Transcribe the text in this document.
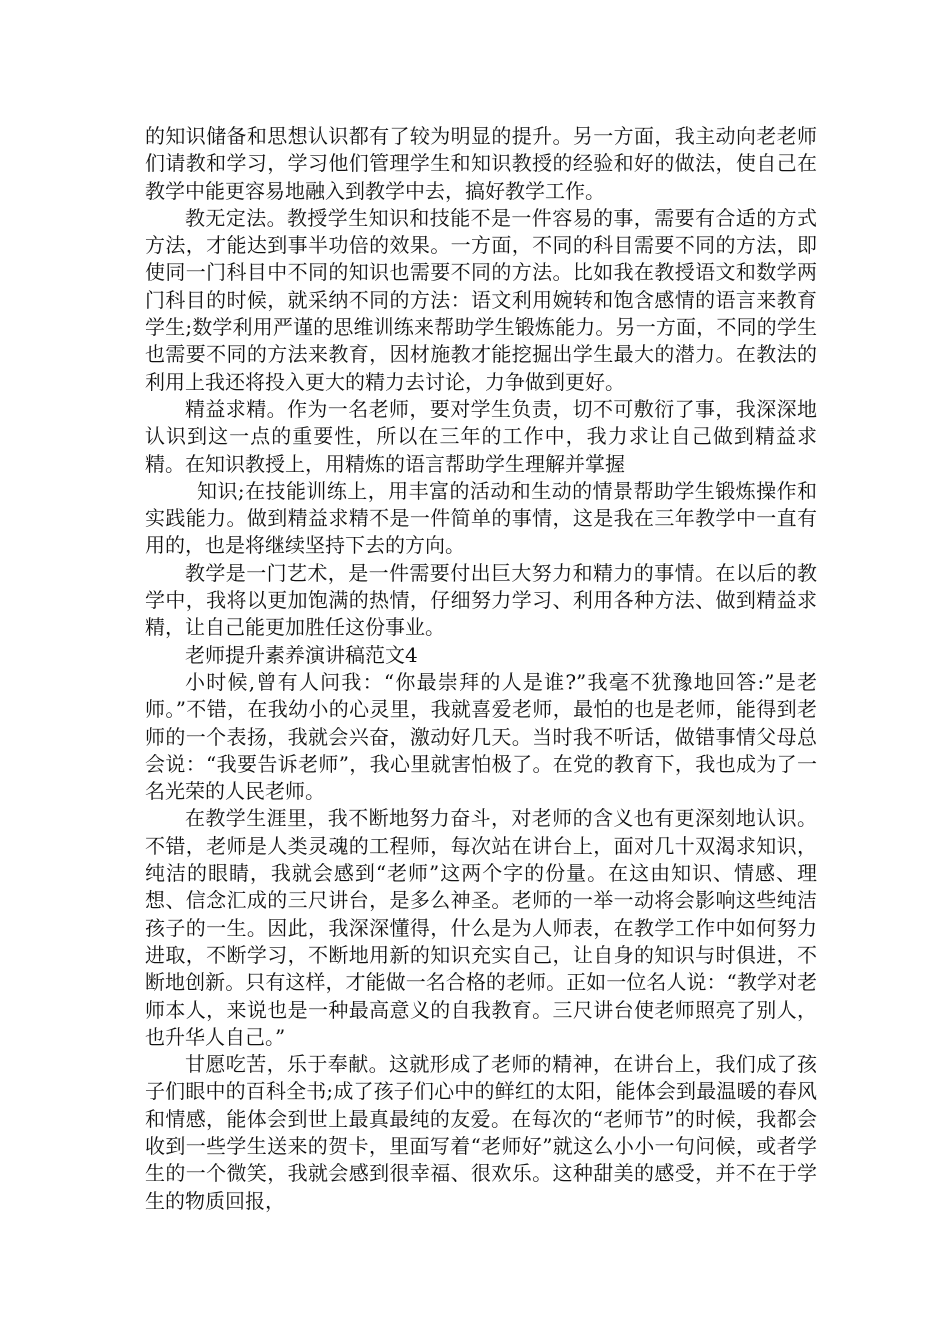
的知识储备和思想认识都有了较为明显的提升。另一方面，我主动向老老师们请教和学习，学习他们管理学生和知识教授的经验和好的做法，使自己在教学中能更容易地融入到教学中去，搞好教学工作。

教无定法。教授学生知识和技能不是一件容易的事，需要有合适的方式方法，才能达到事半功倍的效果。一方面，不同的科目需要不同的方法，即使同一门科目中不同的知识也需要不同的方法。比如我在教授语文和数学两门科目的时候，就采纳不同的方法：语文利用婉转和饱含感情的语言来教育学生;数学利用严谨的思维训练来帮助学生锻炼能力。另一方面，不同的学生也需要不同的方法来教育，因材施教才能挖掘出学生最大的潜力。在教法的利用上我还将投入更大的精力去讨论，力争做到更好。

精益求精。作为一名老师，要对学生负责，切不可敷衍了事，我深深地认识到这一点的重要性，所以在三年的工作中，我力求让自己做到精益求精。在知识教授上，用精炼的语言帮助学生理解并掌握

知识;在技能训练上，用丰富的活动和生动的情景帮助学生锻炼操作和实践能力。做到精益求精不是一件简单的事情，这是我在三年教学中一直有用的，也是将继续坚持下去的方向。

教学是一门艺术，是一件需要付出巨大努力和精力的事情。在以后的教学中，我将以更加饱满的热情，仔细努力学习、利用各种方法、做到精益求精，让自己能更加胜任这份事业。

老师提升素养演讲稿范文4

小时候,曾有人问我：“你最崇拜的人是谁?”我毫不犹豫地回答:”是老师。”不错，在我幼小的心灵里，我就喜爱老师，最怕的也是老师，能得到老师的一个表扬，我就会兴奋，激动好几天。当时我不听话，做错事情父母总会说：“我要告诉老师”，我心里就害怕极了。在党的教育下，我也成为了一名光荣的人民老师。

在教学生涯里，我不断地努力奋斗，对老师的含义也有更深刻地认识。不错，老师是人类灵魂的工程师，每次站在讲台上，面对几十双渴求知识，纯洁的眼睛，我就会感到“老师”这两个字的份量。在这由知识、情感、理想、信念汇成的三尺讲台，是多么神圣。老师的一举一动将会影响这些纯洁孩子的一生。因此，我深深懂得，什么是为人师表，在教学工作中如何努力进取，不断学习，不断地用新的知识充实自己，让自身的知识与时俱进，不断地创新。只有这样，才能做一名合格的老师。正如一位名人说：“教学对老师本人，来说也是一种最高意义的自我教育。三尺讲台使老师照亮了别人，也升华人自己。”

甘愿吃苦，乐于奉献。这就形成了老师的精神，在讲台上，我们成了孩子们眼中的百科全书;成了孩子们心中的鲜红的太阳，能体会到最温暖的春风和情感，能体会到世上最真最纯的友爱。在每次的“老师节”的时候，我都会收到一些学生送来的贺卡，里面写着“老师好”就这么小小一句问候，或者学生的一个微笑，我就会感到很幸福、很欢乐。这种甜美的感受，并不在于学生的物质回报，
